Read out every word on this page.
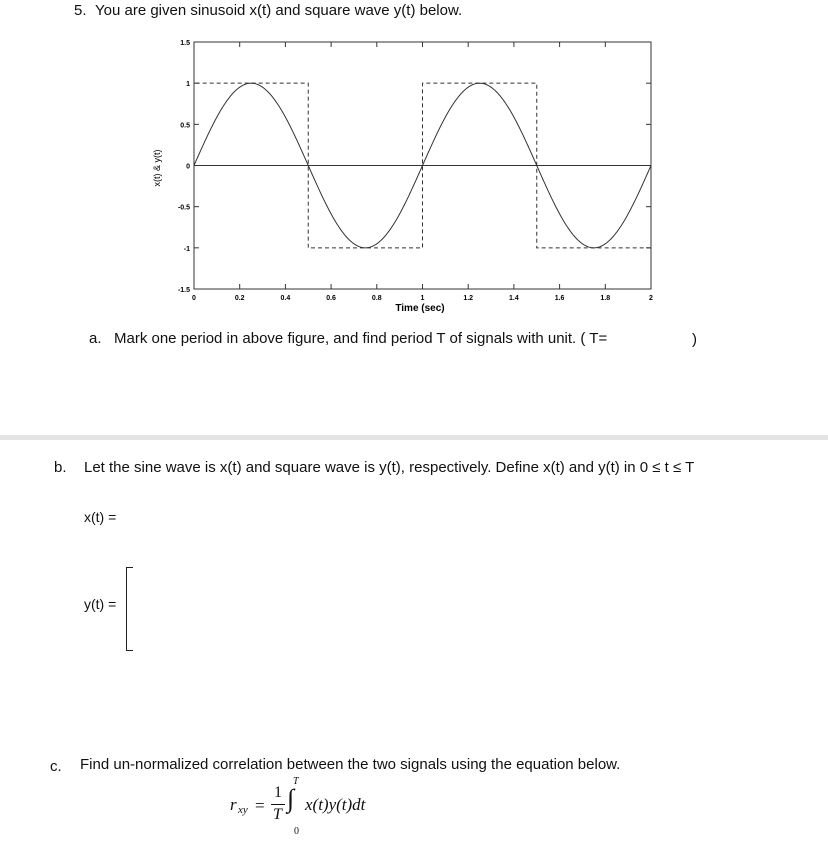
5. You are given sinusoid x(t) and square wave y(t) below.
1.5
1
0.5
0
-0.5
-1
-1.5
0	0.2	0.4	0.6	0.8	1	1.2	1.4	1.6	1.8	2
Time (sec)
x(t) & y(t)
a. Mark one period in above figure, and find period T of signals with unit. ( T=	)
b. Let the sine wave is x(t) and square wave is y(t), respectively. Define x(t) and y(t) in 0 ≤ t ≤ T
x(t) =
y(t) =
c. Find un-normalized correlation between the two signals using the equation below.
r xy =
1
T
T
∫
0
x(t)y(t)dt
